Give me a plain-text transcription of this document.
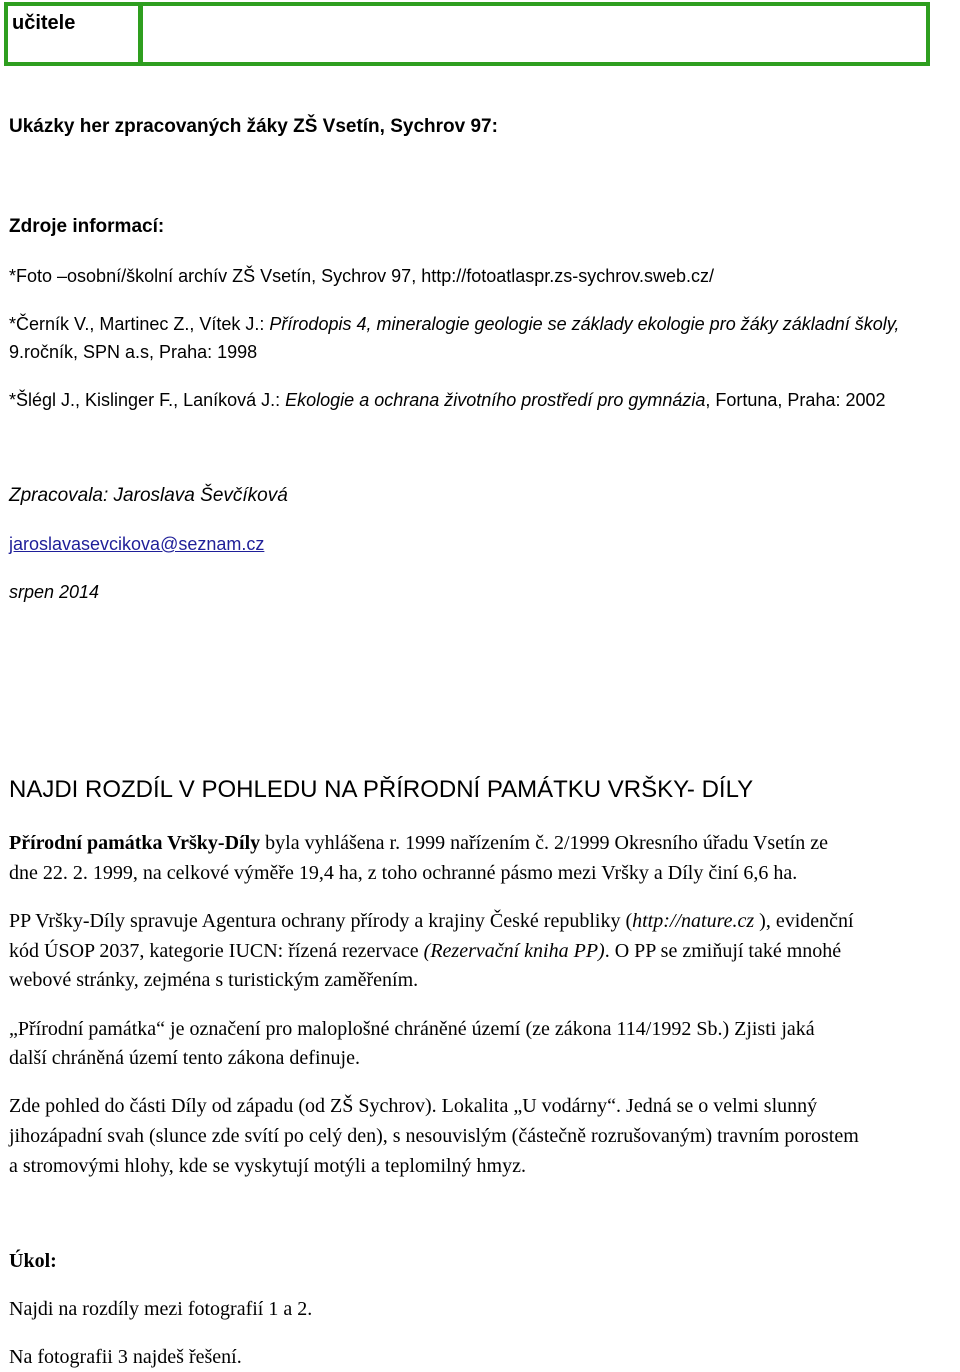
učitele
Ukázky her zpracovaných žáky ZŠ Vsetín, Sychrov 97:
Zdroje informací:
*Foto –osobní/školní archív ZŠ Vsetín, Sychrov 97, http://fotoatlaspr.zs-sychrov.sweb.cz/
*Černík V., Martinec Z., Vítek J.: Přírodopis 4, mineralogie geologie se základy ekologie pro žáky základní školy,
9.ročník, SPN a.s, Praha: 1998
*Šlégl J., Kislinger F., Laníková J.: Ekologie a ochrana životního prostředí pro gymnázia, Fortuna, Praha: 2002
Zpracovala: Jaroslava Ševčíková
jaroslavasevcikova@seznam.cz
srpen 2014
NAJDI ROZDÍL V POHLEDU NA PŘÍRODNÍ PAMÁTKU VRŠKY- DÍLY
Přírodní památka Vršky-Díly byla vyhlášena r. 1999 nařízením č. 2/1999 Okresního úřadu Vsetín ze
dne 22. 2. 1999, na celkové výměře 19,4 ha, z toho ochranné pásmo mezi Vršky a Díly činí 6,6 ha.
PP Vršky-Díly spravuje Agentura ochrany přírody a krajiny České republiky (http://nature.cz ), evidenční
kód ÚSOP 2037, kategorie IUCN: řízená rezervace (Rezervační kniha PP). O PP se zmiňují také mnohé
webové stránky, zejména s turistickým zaměřením.
„Přírodní památka“ je označení pro maloplošné chráněné území (ze zákona 114/1992 Sb.) Zjisti jaká
další chráněná území tento zákona definuje.
Zde pohled do části Díly od západu (od ZŠ Sychrov). Lokalita „U vodárny“. Jedná se o velmi slunný
jihozápadní svah (slunce zde svítí po celý den), s nesouvislým (částečně rozrušovaným) travním porostem
a stromovými hlohy, kde se vyskytují motýli a teplomilný hmyz.
Úkol:
Najdi na rozdíly mezi fotografií 1 a 2.
Na fotografii 3 najdeš řešení.
